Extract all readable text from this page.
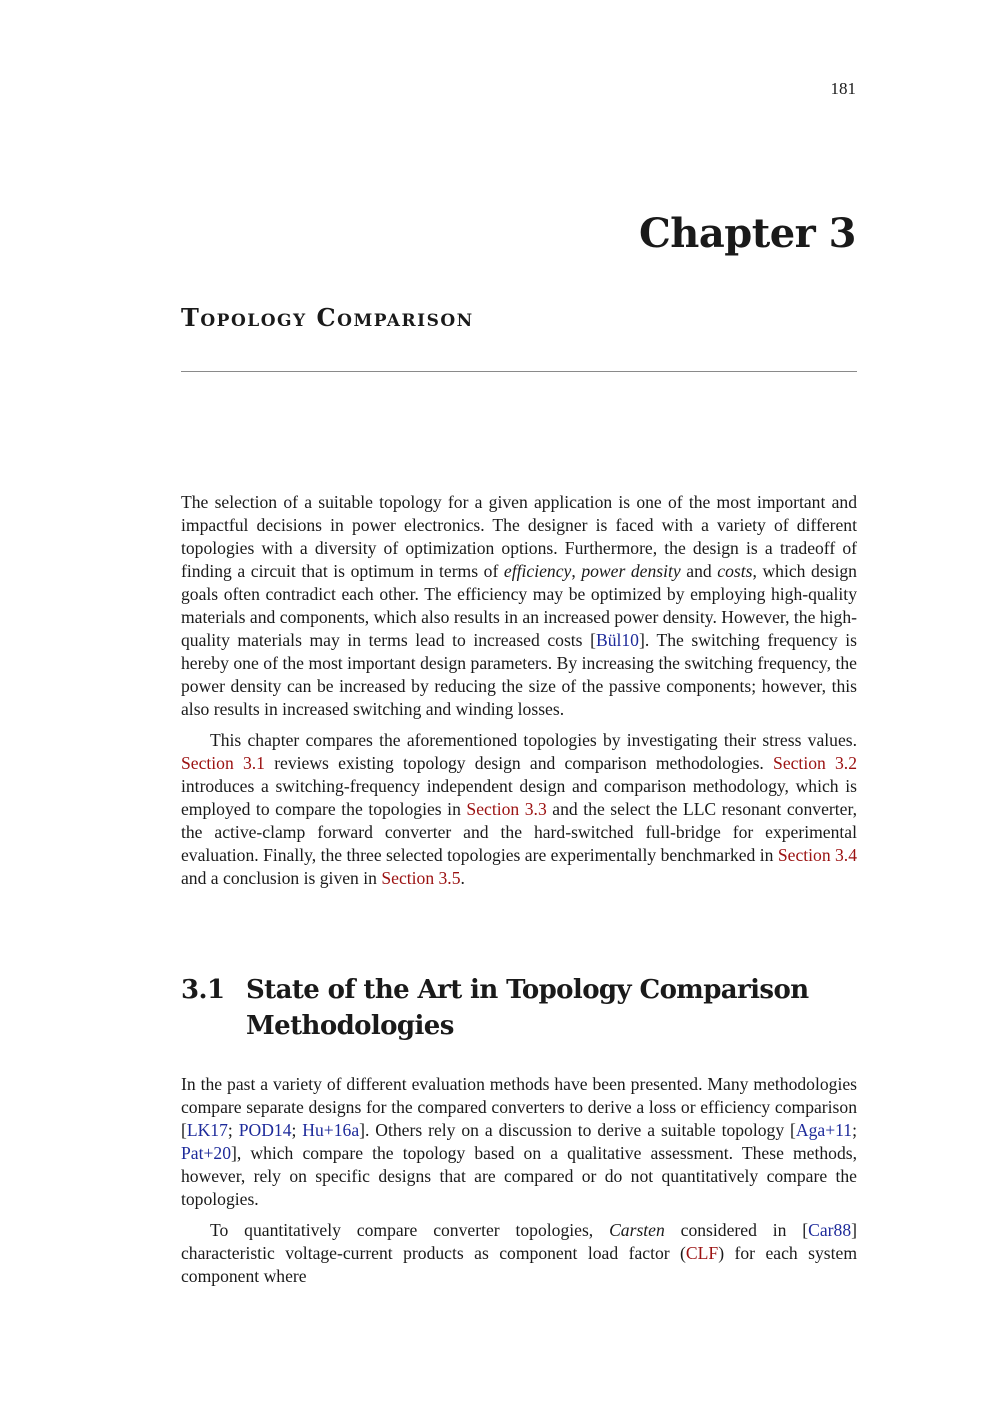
181
Chapter 3
Topology Comparison

The selection of a suitable topology for a given application is one of the most important and impactful decisions in power electronics. The designer is faced with a variety of different topologies with a diversity of optimization options. Furthermore, the design is a tradeoff of finding a circuit that is optimum in terms of efficiency, power density and costs, which design goals often contradict each other. The efficiency may be optimized by employing high-quality materials and components, which also results in an increased power density. However, the high-quality materials may in terms lead to increased costs [Bül10]. The switching frequency is hereby one of the most important design parameters. By increasing the switching frequency, the power density can be increased by reducing the size of the passive components; however, this also results in increased switching and winding losses.

This chapter compares the aforementioned topologies by investigating their stress values. Section 3.1 reviews existing topology design and comparison methodologies. Section 3.2 introduces a switching-frequency independent design and comparison methodology, which is employed to compare the topologies in Section 3.3 and the select the LLC resonant converter, the active-clamp forward converter and the hard-switched full-bridge for experimental evaluation. Finally, the three selected topologies are experimentally benchmarked in Section 3.4 and a conclusion is given in Section 3.5.

3.1 State of the Art in Topology Comparison Methodologies

In the past a variety of different evaluation methods have been presented. Many methodologies compare separate designs for the compared converters to derive a loss or efficiency comparison [LK17; POD14; Hu+16a]. Others rely on a discussion to derive a suitable topology [Aga+11; Pat+20], which compare the topology based on a qualitative assessment. These methods, however, rely on specific designs that are compared or do not quantitatively compare the topologies.

To quantitatively compare converter topologies, Carsten considered in [Car88] characteristic voltage-current products as component load factor (CLF) for each system component where
